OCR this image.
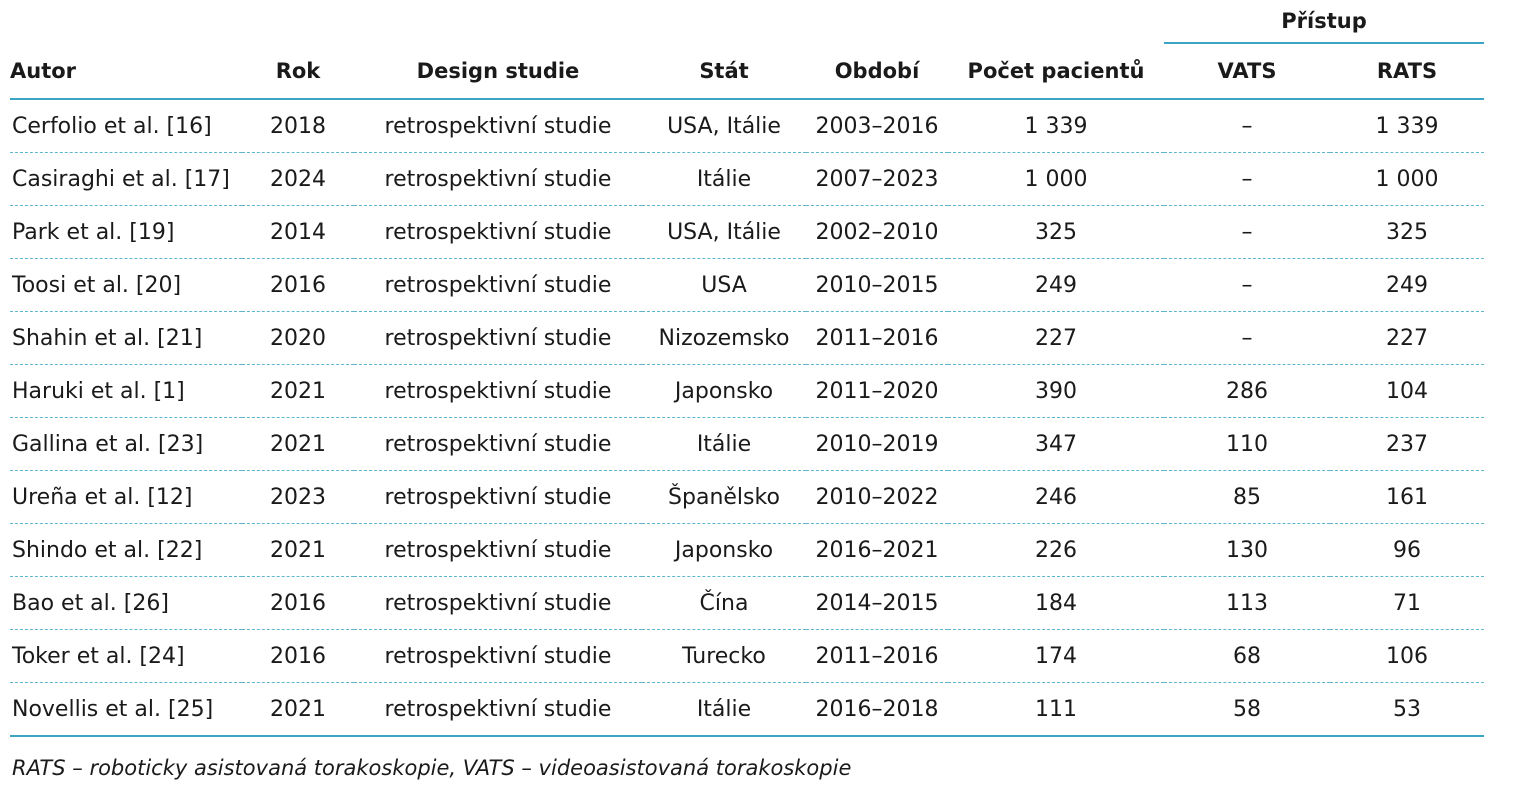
						Přístup	
Autor	Rok	Design studie	Stát	Období	Počet pacientů	VATS	RATS
Cerfolio et al. [16]	2018	retrospektivní studie	USA, Itálie	2003–2016	1 339	–	1 339
Casiraghi et al. [17]	2024	retrospektivní studie	Itálie	2007–2023	1 000	–	1 000
Park et al. [19]	2014	retrospektivní studie	USA, Itálie	2002–2010	325	–	325
Toosi et al. [20]	2016	retrospektivní studie	USA	2010–2015	249	–	249
Shahin et al. [21]	2020	retrospektivní studie	Nizozemsko	2011–2016	227	–	227
Haruki et al. [1]	2021	retrospektivní studie	Japonsko	2011–2020	390	286	104
Gallina et al. [23]	2021	retrospektivní studie	Itálie	2010–2019	347	110	237
Ureña et al. [12]	2023	retrospektivní studie	Španělsko	2010–2022	246	85	161
Shindo et al. [22]	2021	retrospektivní studie	Japonsko	2016–2021	226	130	96
Bao et al. [26]	2016	retrospektivní studie	Čína	2014–2015	184	113	71
Toker et al. [24]	2016	retrospektivní studie	Turecko	2011–2016	174	68	106
Novellis et al. [25]	2021	retrospektivní studie	Itálie	2016–2018	111	58	53
RATS – roboticky asistovaná torakoskopie, VATS – videoasistovaná torakoskopie
